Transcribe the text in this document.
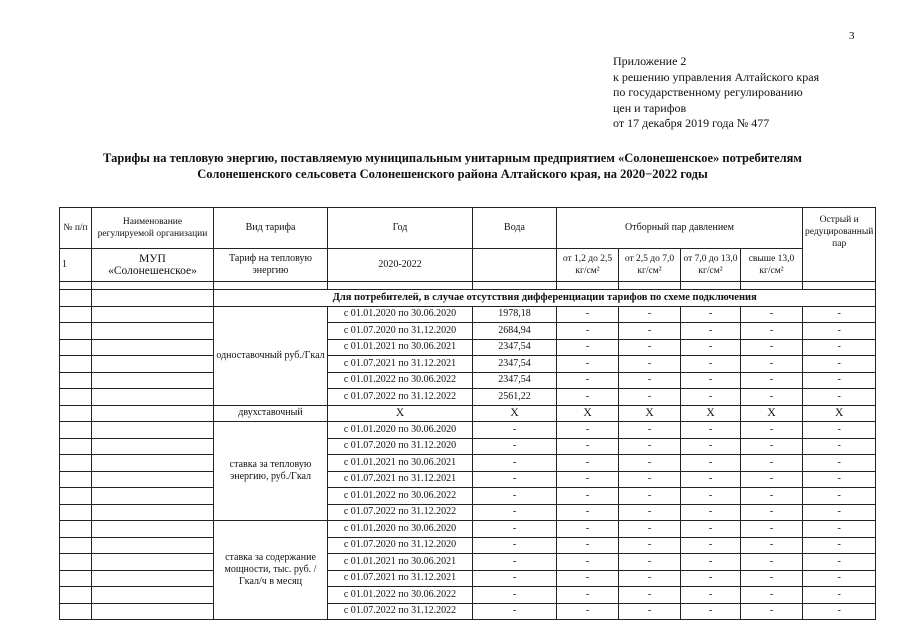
3
Приложение 2
к решению управления Алтайского края
по государственному регулированию
цен и тарифов
от 17 декабря 2019 года № 477
Тарифы на тепловую энергию, поставляемую муниципальным унитарным предприятием «Солонешенское» потребителям
Солонешенского сельсовета Солонешенского района Алтайского края, на 2020−2022 годы
№ п/п	Наименование регулируемой организации	Вид тарифа	Год	Вода	Отборный пар давлением				Острый и редуцированный пар
1	МУП «Солонешенское»	Тариф на тепловую энергию	2020-2022		от 1,2 до 2,5 кг/см²	от 2,5 до 7,0 кг/см²	от 7,0 до 13,0 кг/см²	свыше 13,0 кг/см²	

		Для потребителей, в случае отсутствия дифференциации тарифов по схеме подключения							
		одноставочный руб./Гкал	с 01.01.2020 по 30.06.2020	1978,18	-	-	-	-	-
			с 01.07.2020 по 31.12.2020	2684,94	-	-	-	-	-
			с 01.01.2021 по 30.06.2021	2347,54	-	-	-	-	-
			с 01.07.2021 по 31.12.2021	2347,54	-	-	-	-	-
			с 01.01.2022 по 30.06.2022	2347,54	-	-	-	-	-
			с 01.07.2022 по 31.12.2022	2561,22	-	-	-	-	-
		двухставочный	X	X	X	X	X	X	X
		ставка за тепловую энергию, руб./Гкал	с 01.01.2020 по 30.06.2020	-	-	-	-	-	-
			с 01.07.2020 по 31.12.2020	-	-	-	-	-	-
			с 01.01.2021 по 30.06.2021	-	-	-	-	-	-
			с 01.07.2021 по 31.12.2021	-	-	-	-	-	-
			с 01.01.2022 по 30.06.2022	-	-	-	-	-	-
			с 01.07.2022 по 31.12.2022	-	-	-	-	-	-
		ставка за содержание мощности, тыс. руб. /Гкал/ч в месяц	с 01.01.2020 по 30.06.2020	-	-	-	-	-	-
			с 01.07.2020 по 31.12.2020	-	-	-	-	-	-
			с 01.01.2021 по 30.06.2021	-	-	-	-	-	-
			с 01.07.2021 по 31.12.2021	-	-	-	-	-	-
			с 01.01.2022 по 30.06.2022	-	-	-	-	-	-
			с 01.07.2022 по 31.12.2022	-	-	-	-	-	-
